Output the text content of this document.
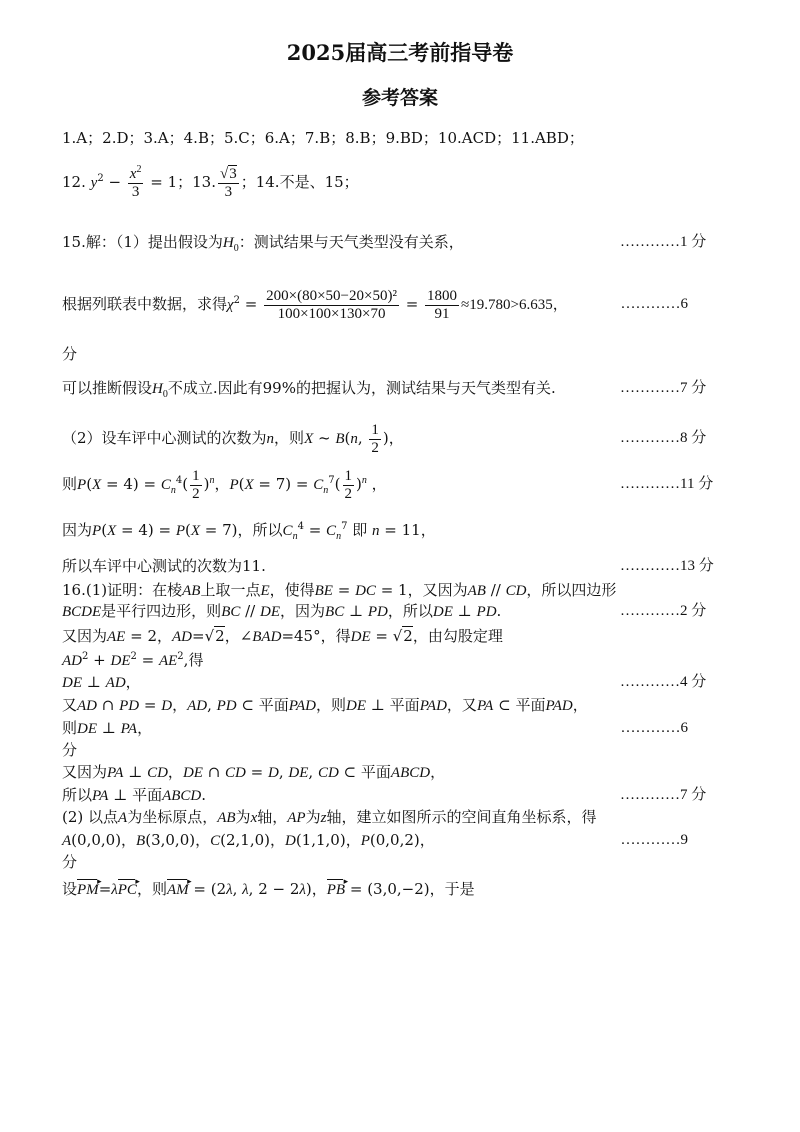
2025届高三考前指导卷
参考答案
1.A；2.D；3.A；4.B；5.C；6.A；7.B；8.B；9.BD；10.ACD；11.ABD；
12. $y^2 - \frac{x^2}{3} = 1$；13. $\frac{√3}{3}$ ；14.不是、15；
15.解：（1）提出假设为$H_0$：测试结果与天气类型没有关系，	…………1 分
根据列联表中数据，求得$\chi^2 = \frac{\text{200×(80×50−20×50)²}}{100\times 100\times 130\times 70} = \frac{1800}{91} \approx 19.780>6.635$，	…………6
分
可以推断假设$H_0$不成立.因此有99%的把握认为，测试结果与天气类型有关.	…………7 分
（2）设车评中心测试的次数为n，则X ~ B(n, $\frac{1}{2}$ )，	…………8 分
则$P(X = 4) = C_n^4( \frac{1}{2} )^n$，$P(X = 7) = C_n^7( \frac{1}{2} )^n$ ，	…………11 分
因为P(X = 4) = P(X = 7)，所以$C_n^4 = C_n^7$ 即 n = 11，
所以车评中心测试的次数为11.	…………13 分
16.(1)证明：在棱AB上取一点E，使得BE = DC = 1，又因为AB // CD，所以四边形
BCDE是平行四边形，则BC // DE，因为BC ⊥ PD，所以DE ⊥ PD.	…………2 分
又因为AE = 2，AD=√2，∠BAD=45°，得DE = √2，由勾股定理
$AD^2 + DE^2 = AE^2$,得
DE ⊥ AD，	…………4 分
又AD ∩ PD = D，AD, PD ⊂ 平面PAD，则DE ⊥ 平面PAD，又PA ⊂ 平面PAD，
则DE ⊥ PA，	…………6
分
又因为PA ⊥ CD，DE ∩ CD = D, DE, CD ⊂ 平面ABCD，
所以PA ⊥ 平面ABCD.	…………7 分
(2) 以点A为坐标原点，AB为x轴，AP为z轴，建立如图所示的空间直角坐标系，得
A(0,0,0)，B(3,0,0)，C(2,1,0)，D(1,1,0)，P(0,0,2)，	…………9
分
设PM ▸=λPC ▸，则AM ▸ = (2λ, λ, 2 − 2λ)，PB ▸ = (3,0,−2)，于是
